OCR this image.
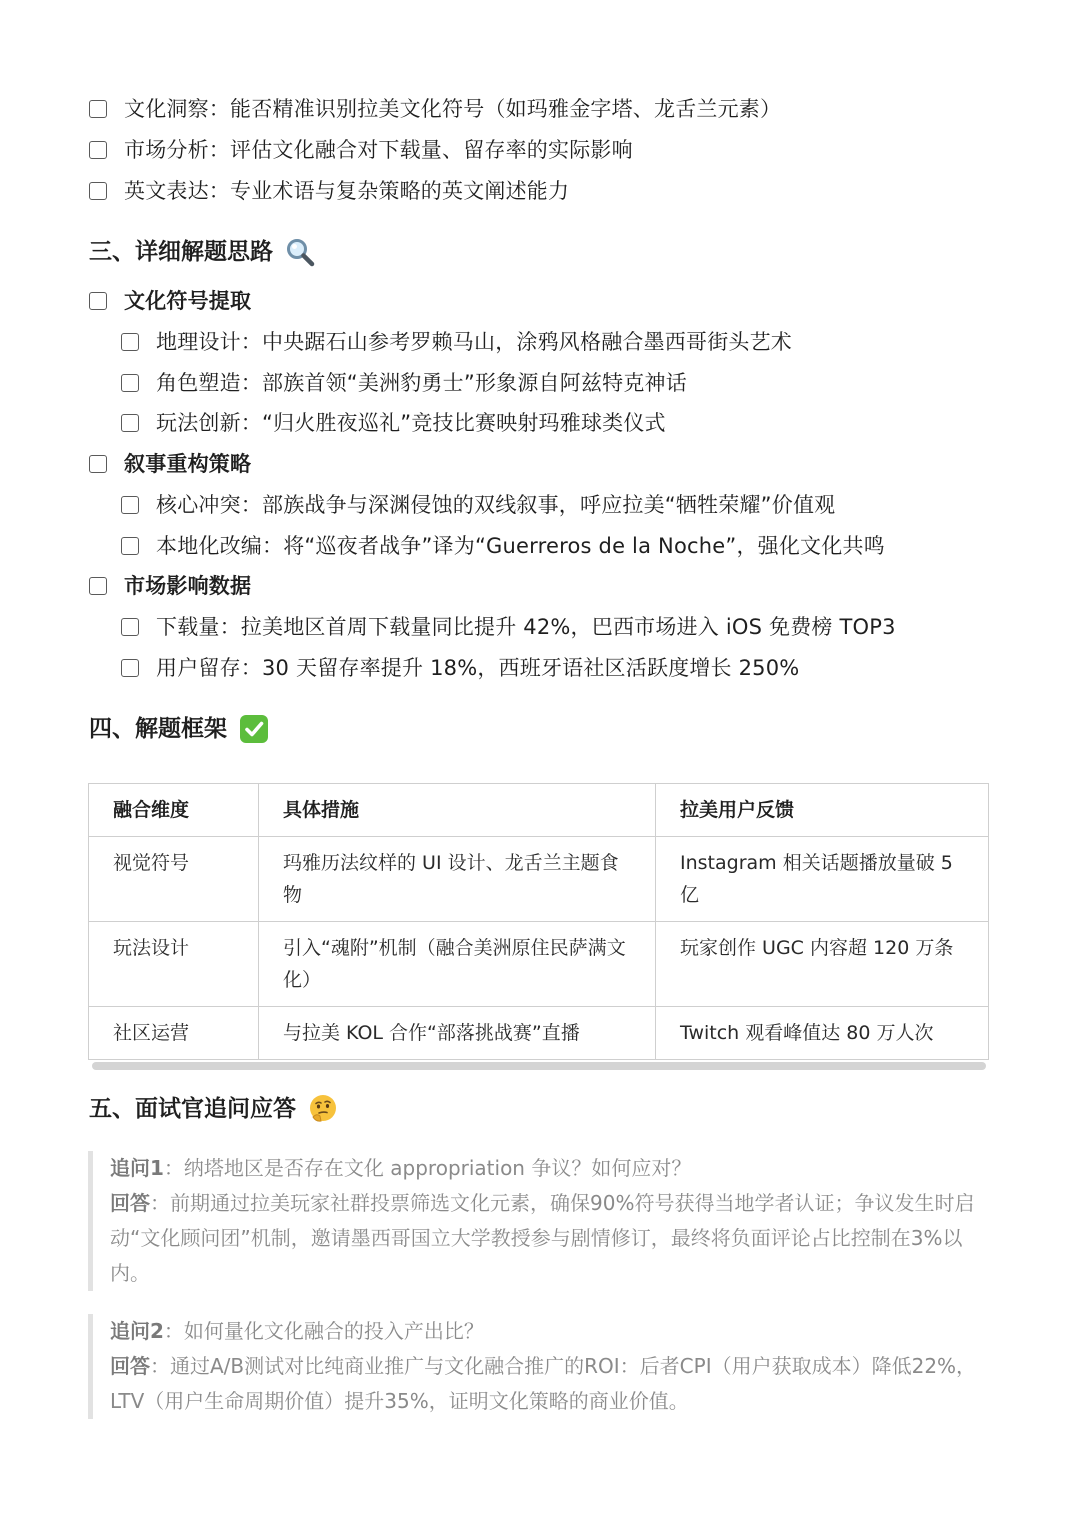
文化洞察：能否精准识别拉美文化符号（如玛雅金字塔、龙舌兰元素）
市场分析：评估文化融合对下载量、留存率的实际影响
英文表达：专业术语与复杂策略的英文阐述能力
三、详细解题思路
文化符号提取
地理设计：中央踞石山参考罗赖马山，涂鸦风格融合墨西哥街头艺术
角色塑造：部族首领“美洲豹勇士”形象源自阿兹特克神话
玩法创新：“归火胜夜巡礼”竞技比赛映射玛雅球类仪式
叙事重构策略
核心冲突：部族战争与深渊侵蚀的双线叙事，呼应拉美“牺牲荣耀”价值观
本地化改编：将“巡夜者战争”译为“Guerreros de la Noche”，强化文化共鸣
市场影响数据
下载量：拉美地区首周下载量同比提升 42%，巴西市场进入 iOS 免费榜 TOP3
用户留存：30 天留存率提升 18%，西班牙语社区活跃度增长 250%
四、解题框架
融合维度	具体措施	拉美用户反馈
视觉符号	玛雅历法纹样的 UI 设计、龙舌兰主题食物	Instagram 相关话题播放量破 5 亿
玩法设计	引入“魂附”机制（融合美洲原住民萨满文化）	玩家创作 UGC 内容超 120 万条
社区运营	与拉美 KOL 合作“部落挑战赛”直播	Twitch 观看峰值达 80 万人次
五、面试官追问应答
追问1：纳塔地区是否存在文化 appropriation 争议？如何应对？
回答：前期通过拉美玩家社群投票筛选文化元素，确保90%符号获得当地学者认证；争议发生时启动“文化顾问团”机制，邀请墨西哥国立大学教授参与剧情修订，最终将负面评论占比控制在3%以内。
追问2：如何量化文化融合的投入产出比？
回答：通过A/B测试对比纯商业推广与文化融合推广的ROI：后者CPI（用户获取成本）降低22%，LTV（用户生命周期价值）提升35%，证明文化策略的商业价值。
